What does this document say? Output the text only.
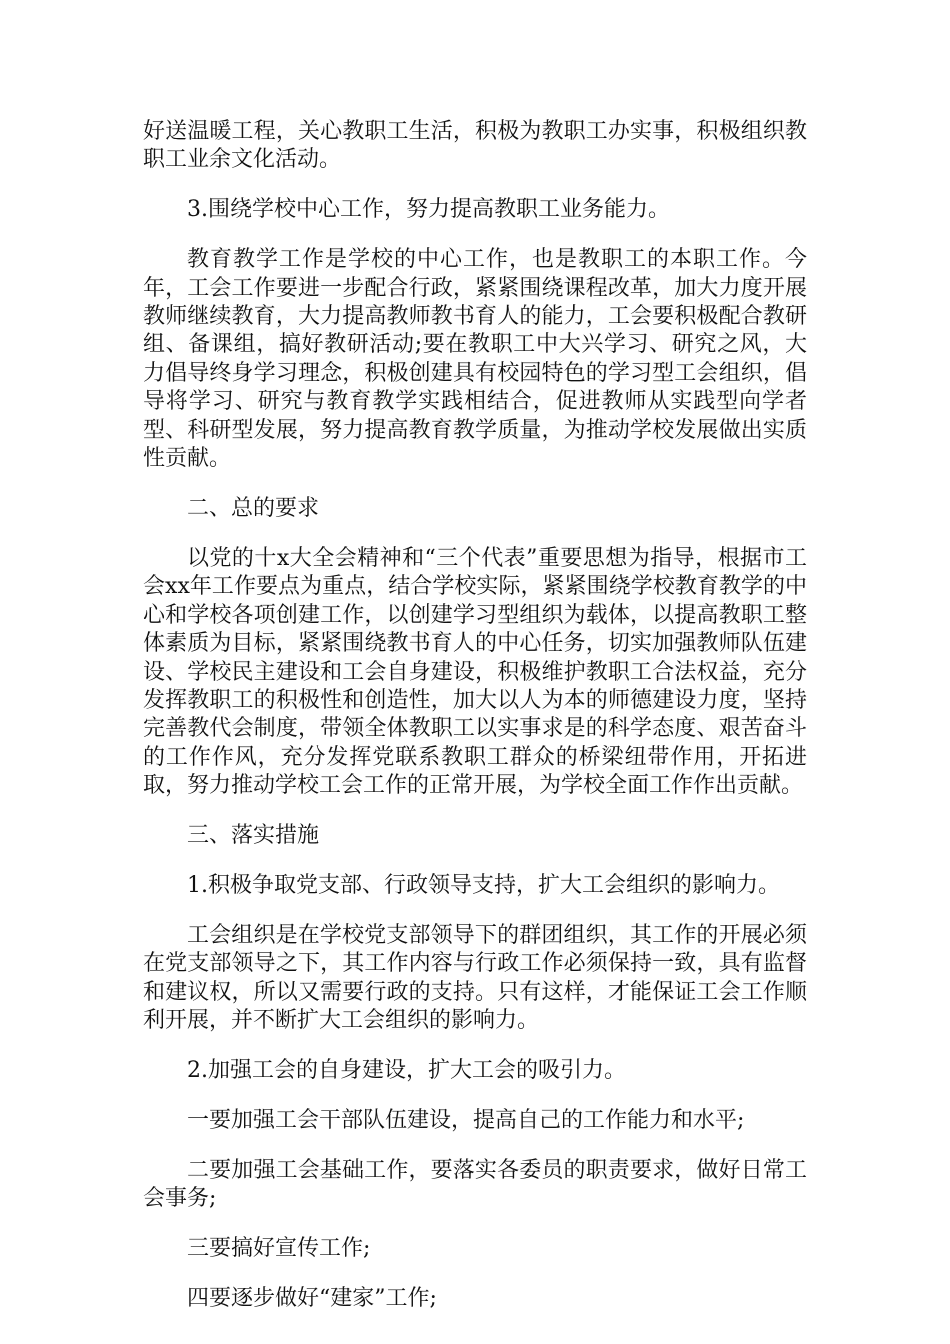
好送温暖工程，关心教职工生活，积极为教职工办实事，积极组织教职工业余文化活动。

3.围绕学校中心工作，努力提高教职工业务能力。

教育教学工作是学校的中心工作，也是教职工的本职工作。今年，工会工作要进一步配合行政，紧紧围绕课程改革，加大力度开展教师继续教育，大力提高教师教书育人的能力，工会要积极配合教研组、备课组，搞好教研活动;要在教职工中大兴学习、研究之风，大力倡导终身学习理念，积极创建具有校园特色的学习型工会组织，倡导将学习、研究与教育教学实践相结合，促进教师从实践型向学者型、科研型发展，努力提高教育教学质量，为推动学校发展做出实质性贡献。

二、总的要求

以党的十x大全会精神和“三个代表”重要思想为指导，根据市工会xx年工作要点为重点，结合学校实际，紧紧围绕学校教育教学的中心和学校各项创建工作，以创建学习型组织为载体，以提高教职工整体素质为目标，紧紧围绕教书育人的中心任务，切实加强教师队伍建设、学校民主建设和工会自身建设，积极维护教职工合法权益，充分发挥教职工的积极性和创造性，加大以人为本的师德建设力度，坚持完善教代会制度，带领全体教职工以实事求是的科学态度、艰苦奋斗的工作作风，充分发挥党联系教职工群众的桥梁纽带作用，开拓进取，努力推动学校工会工作的正常开展，为学校全面工作作出贡献。

三、落实措施

1.积极争取党支部、行政领导支持，扩大工会组织的影响力。

工会组织是在学校党支部领导下的群团组织，其工作的开展必须在党支部领导之下，其工作内容与行政工作必须保持一致，具有监督和建议权，所以又需要行政的支持。只有这样，才能保证工会工作顺利开展，并不断扩大工会组织的影响力。

2.加强工会的自身建设，扩大工会的吸引力。

一要加强工会干部队伍建设，提高自己的工作能力和水平;

二要加强工会基础工作，要落实各委员的职责要求，做好日常工会事务;

三要搞好宣传工作;

四要逐步做好“建家”工作;
